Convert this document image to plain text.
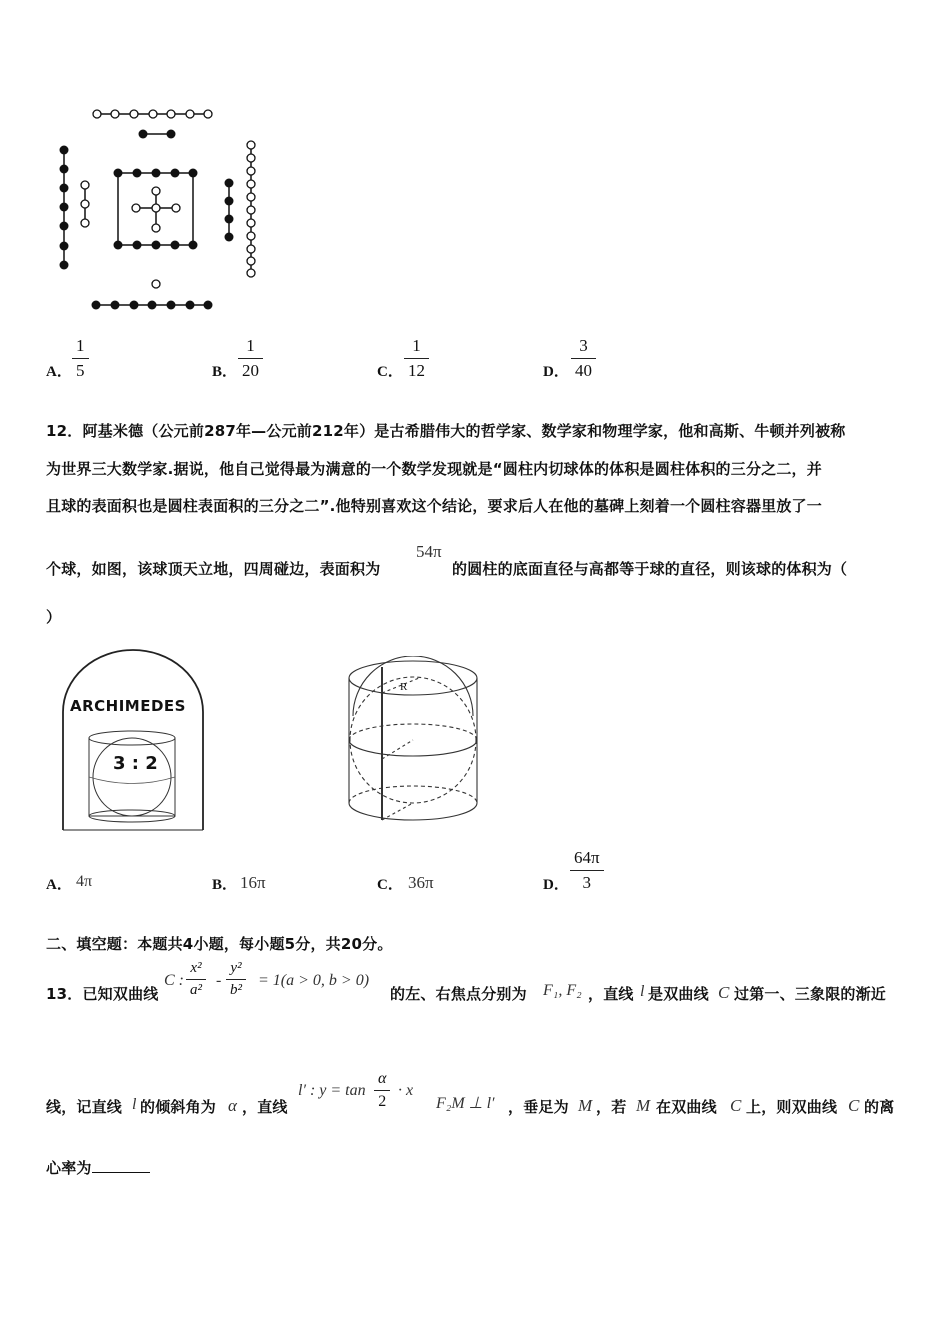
A．
1
5	B．
1
20	C．
1
12	D．
3
40
12．阿基米德（公元前287年—公元前212年）是古希腊伟大的哲学家、数学家和物理学家，他和高斯、牛顿并列被称
为世界三大数学家.据说，他自己觉得最为满意的一个数学发现就是“圆柱内切球体的体积是圆柱体积的三分之二，并
且球的表面积也是圆柱表面积的三分之二”.他特别喜欢这个结论，要求后人在他的墓碑上刻着一个圆柱容器里放了一
个球，如图，该球顶天立地，四周碰边，表面积为
54π
的圆柱的底面直径与高都等于球的直径，则该球的体积为（
）
ARCHIMEDES
3 : 2
R
A． 4π	B． 16π	C． 36π	D．
64π
3
二、填空题：本题共4小题，每小题5分，共20分。
13．已知双曲线
C :
x²
a²
-
y²
b²
= 1(a > 0, b > 0)
的左、右焦点分别为 F₁, F₂ ，直线 l 是双曲线 C 过第一、三象限的渐近
线，记直线 l 的倾斜角为 α ，直线
l′ : y = tan
α
2
· x
F₂M ⊥ l′ ，垂足为 M ，若 M 在双曲线 C 上，则双曲线 C 的离
心率为
